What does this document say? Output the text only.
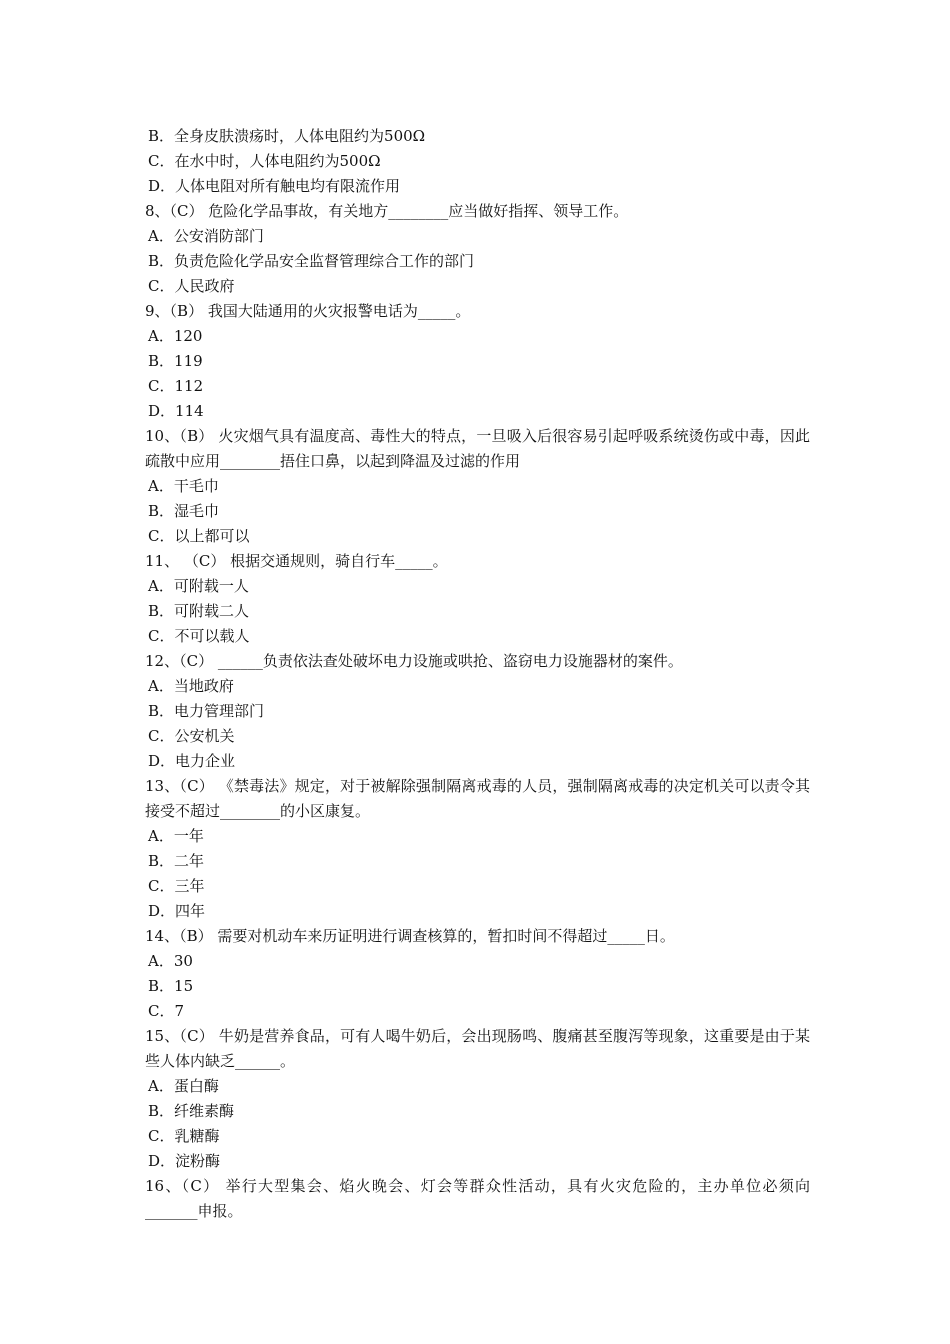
B．全身皮肤溃疡时，人体电阻约为500Ω
C．在水中时，人体电阻约为500Ω
D．人体电阻对所有触电均有限流作用
8、（C） 危险化学品事故，有关地方________应当做好指挥、领导工作。
A．公安消防部门
B．负责危险化学品安全监督管理综合工作的部门
C．人民政府
9、（B） 我国大陆通用的火灾报警电话为_____。
A．120
B．119
C．112
D．114
10、（B） 火灾烟气具有温度高、毒性大的特点，一旦吸入后很容易引起呼吸系统烫伤或中毒，因此疏散中应用________捂住口鼻，以起到降温及过滤的作用
A．干毛巾
B．湿毛巾
C．以上都可以
11、 （C） 根据交通规则，骑自行车_____。
A．可附载一人
B．可附载二人
C．不可以载人
12、（C） ______负责依法查处破坏电力设施或哄抢、盗窃电力设施器材的案件。
A．当地政府
B．电力管理部门
C．公安机关
D．电力企业
13、（C） 《禁毒法》规定，对于被解除强制隔离戒毒的人员，强制隔离戒毒的决定机关可以责令其接受不超过________的小区康复。
A．一年
B．二年
C．三年
D．四年
14、（B） 需要对机动车来历证明进行调查核算的，暂扣时间不得超过_____日。
A．30
B．15
C．7
15、（C） 牛奶是营养食品，可有人喝牛奶后，会出现肠鸣、腹痛甚至腹泻等现象，这重要是由于某些人体内缺乏______。
A．蛋白酶
B．纤维素酶
C．乳糖酶
D．淀粉酶
16、（C） 举行大型集会、焰火晚会、灯会等群众性活动，具有火灾危险的，主办单位必须向_______申报。
